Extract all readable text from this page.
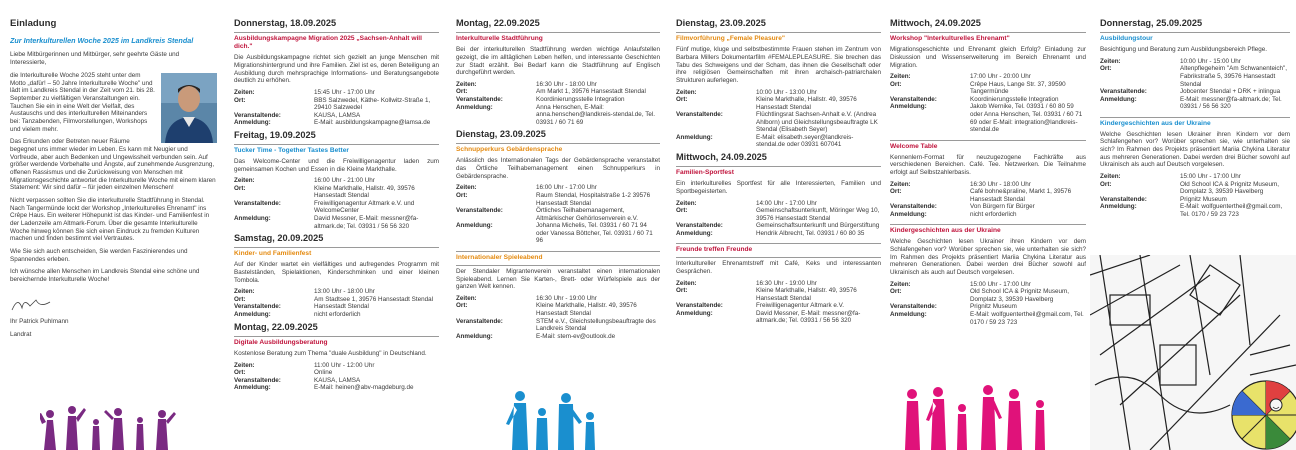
Einladung
Zur Interkulturellen Woche 2025 im Landkreis Stendal
Liebe Mitbürgerinnen und Mitbürger, sehr geehrte Gäste und Interessierte,
die Interkulturelle Woche 2025 steht unter dem Motto „dafür! – 50 Jahre Interkulturelle Woche" und lädt im Landkreis Stendal in der Zeit vom 21. bis 28. September zu vielfältigen Veranstaltungen ein. Tauchen Sie ein in eine Welt der Vielfalt, des Austauschs und des interkulturellen Miteinanders bei: Tanzabenden, Filmvorstellungen, Workshops und vielem mehr.
Das Erkunden oder Betreten neuer Räume begegnet uns immer wieder im Leben. Es kann mit Neugier und Vorfreude, aber auch Bedenken und Ungewissheit verbunden sein. Auf größer werdende Vorbehalte und Ängste, auf zunehmende Ausgrenzung, offenen Rassismus und die Zurückweisung von Menschen mit Migrationsgeschichte antwortet die Interkulturelle Woche mit einem klaren Statement: Wir sind dafür – für jeden einzelnen Menschen!
Nicht verpassen sollten Sie die interkulturelle Stadtführung in Stendal. Nach Tangermünde lockt der Workshop „Interkulturelles Ehrenamt" ins Crêpe Haus. Ein weiterer Höhepunkt ist das Kinder- und Familienfest in der Ladenzeile am Altmark-Forum. Über die gesamte Interkulturelle Woche hinweg können Sie sich einen Eindruck zu fremden Kulturen machen und finden bestimmt viel Vertrautes.
Wie Sie sich auch entscheiden, Sie werden Faszinierendes und Spannendes erleben.
Ich wünsche allen Menschen im Landkreis Stendal eine schöne und bereichernde Interkulturelle Woche!
Ihr Patrick Puhlmann
Landrat
Donnerstag, 18.09.2025
Ausbildungskampagne Migration 2025 „Sachsen-Anhalt will dich."
Die Ausbildungskampagne richtet sich gezielt an junge Menschen mit Migrationshintergrund und ihre Familien. Ziel ist es, deren Beteiligung an Ausbildung durch mehrsprachige Informations- und Beratungsangebote deutlich zu erhöhen.
Zeiten:	15:45 Uhr - 17:00 Uhr
Ort:	BBS Salzwedel, Käthe- Kollwitz-Straße 1, 29410 Salzwedel
Veranstaltende:	KAUSA, LAMSA
Anmeldung:	E-Mail: ausbildungskampagne@lamsa.de
Freitag, 19.09.2025
Tucker Time - Together Tastes Better
Das Welcome-Center und die Freiwilligenagentur laden zum gemeinsamen Kochen und Essen in die Kleine Markthalle.
Zeiten:	16:00 Uhr - 21:00 Uhr
Ort:	Kleine Markthalle, Hallstr. 49, 39576 Hansestadt Stendal
Veranstaltende:	Freiwilligenagentur Altmark e.V. und WelcomeCenter
Anmeldung:	David Messner, E-Mail: messner@fa-altmark.de; Tel. 03931 / 56 56 320
Samstag, 20.09.2025
Kinder- und Familienfest
Auf der Kinder wartet ein vielfältiges und aufregendes Programm mit Bastelständen, Spielaktionen, Kinderschminken und einer kleinen Tombola.
Zeiten:	13:00 Uhr - 18:00 Uhr
Ort:	Am Stadtsee 1, 39576 Hansestadt Stendal
Veranstaltende:	Hansestadt Stendal
Anmeldung:	nicht erforderlich
Montag, 22.09.2025
Digitale Ausbildungsberatung
Kostenlose Beratung zum Thema "duale Ausbildung" in Deutschland.
Zeiten:	11:00 Uhr - 12:00 Uhr
Ort:	Online
Veranstaltende:	KAUSA, LAMSA
Anmeldung:	E-Mail: heinen@abv-magdeburg.de
Montag, 22.09.2025
Interkulturelle Stadtführung
Bei der interkulturellen Stadtführung werden wichtige Anlaufstellen gezeigt, die im alltäglichen Leben helfen, und interessante Geschichten zur Stadt erzählt. Bei Bedarf kann die Stadtführung auf Englisch durchgeführt werden.
Zeiten:	16:30 Uhr - 18:00 Uhr
Ort:	Am Markt 1, 39576 Hansestadt Stendal
Veranstaltende:	Koordinierungsstelle Integration
Anmeldung:	Anna Henschen, E-Mail: anna.henschen@landkreis-stendal.de, Tel. 03931 / 60 71 69
Dienstag, 23.09.2025
Schnupperkurs Gebärdensprache
Anlässlich des Internationalen Tags der Gebärdensprache veranstaltet das Örtliche Teilhabemanagement einen Schnupperkurs in Gebärdensprache.
Zeiten:	16:00 Uhr - 17:00 Uhr
Ort:	Raum Stendal, Hospitalstraße 1-2 39576 Hansestadt Stendal
Veranstaltende:	Örtliches Teilhabemanagement, Altmärkischer Gehörlosenverein e.V.
Anmeldung:	Johanna Michelis, Tel. 03931 / 60 71 94 oder Vanessa Böttcher, Tel. 03931 / 60 71 96
Internationaler Spieleabend
Der Stendaler Migrantenverein veranstaltet einen internationalen Spieleabend. Lernen Sie Karten-, Brett- oder Würfelspiele aus der ganzen Welt kennen.
Zeiten:	16:30 Uhr - 19:00 Uhr
Ort:	Kleine Markthalle, Hallstr. 49, 39576 Hansestadt Stendal
Veranstaltende:	STEM e.V., Gleichstellungsbeauftragte des Landkreis Stendal
Anmeldung:	E-Mail: stem-ev@outlook.de
Dienstag, 23.09.2025
Filmvorführung „Female Pleasure"
Fünf mutige, kluge und selbstbestimmte Frauen stehen im Zentrum von Barbara Millers Dokumentarfilm #FEMALEPLEASURE. Sie brechen das Tabu des Schweigens und der Scham, das ihnen die Gesellschaft oder ihre religiösen Gemeinschaften mit ihren archaisch-patriarchalen Strukturen auferlegen.
Zeiten:	10:00 Uhr - 13:00 Uhr
Ort:	Kleine Markthalle, Hallstr. 49, 39576 Hansestadt Stendal
Veranstaltende:	Flüchtlingsrat Sachsen-Anhalt e.V. (Andrea Ahlborn) und Gleichstellungsbeauftragte LK Stendal (Elisabeth Seyer)
Anmeldung:	E-Mail: elisabeth.seyer@landkreis-stendal.de oder 03931 607041
Mittwoch, 24.09.2025
Familien-Sportfest
Ein interkulturelles Sportfest für alle Interessierten, Familien und Sportbegeisterten.
Zeiten:	14:00 Uhr - 17:00 Uhr
Ort:	Gemeinschaftsunterkunft, Möringer Weg 10, 39576 Hansestadt Stendal
Veranstaltende:	Gemeinschaftsunterkunft und Bürgerstiftung
Anmeldung:	Hendrik Albrecht, Tel. 03931 / 60 80 35
Freunde treffen Freunde
Interkultureller Ehrenamtstreff mit Café, Keks und interessanten Gesprächen.
Zeiten:	16:30 Uhr - 19:00 Uhr
Ort:	Kleine Markthalle, Hallstr. 49, 39576 Hansestadt Stendal
Veranstaltende:	Freiwilligenagentur Altmark e.V.
Anmeldung:	David Messner, E-Mail: messner@fa-altmark.de; Tel. 03931 / 56 56 320
Mittwoch, 24.09.2025
Workshop "Interkulturelles Ehrenamt"
Migrationsgeschichte und Ehrenamt gleich Erfolg? Einladung zur Diskussion und Wissenserweiterung im Bereich Ehrenamt und Migration.
Zeiten:	17:00 Uhr - 20:00 Uhr
Ort:	Crêpe Haus, Lange Str. 37, 39590 Tangermünde
Veranstaltende:	Koordinierungsstelle Integration
Anmeldung:	Jakob Wernike, Tel. 03931 / 60 80 59 oder Anna Henschen, Tel. 03931 / 60 71 69 oder E-Mail: integration@landkreis-stendal.de
Welcome Table
Kennenlern-Format für neuzugezogene Fachkräfte aus verschiedenen Bereichen. Café. Tee. Netzwerken. Die Teilnahme erfolgt auf Selbstzahlerbasis.
Zeiten:	16:30 Uhr - 18:00 Uhr
Ort:	Café bohne&praline, Markt 1, 39576 Hansestadt Stendal
Veranstaltende:	Von Bürgern für Bürger
Anmeldung:	nicht erforderlich
Kindergeschichten aus der Ukraine
Welche Geschichten lesen Ukrainer ihren Kindern vor dem Schlafengehen vor? Worüber sprechen sie, wie unterhalten sie sich? Im Rahmen des Projekts präsentiert Mariia Chykina Literatur aus mehreren Generationen. Dabei werden drei Bücher sowohl auf Ukrainisch als auch auf Deutsch vorgelesen.
Zeiten:	15:00 Uhr - 17:00 Uhr
Ort:	Old School ICA & Prignitz Museum, Domplatz 3, 39539 Havelberg
Veranstaltende:	Prignitz Museum
Anmeldung:	E-Mail: wolfguentertheil@gmail.com, Tel. 0170 / 59 23 723
Donnerstag, 25.09.2025
Ausbildungstour
Besichtigung und Beratung zum Ausbildungsbereich Pflege.
Zeiten:	10:00 Uhr - 15:00 Uhr
Ort:	Altenpflegeheim "Am Schwanenteich", Fabrikstraße 5, 39576 Hansestadt Stendal
Veranstaltende:	Jobcenter Stendal + DRK + inlingua
Anmeldung:	E-Mail: messner@fa-altmark.de; Tel. 03931 / 56 56 320
Kindergeschichten aus der Ukraine
Welche Geschichten lesen Ukrainer ihren Kindern vor dem Schlafengehen vor? Worüber sprechen sie, wie unterhalten sie sich? Im Rahmen des Projekts präsentiert Mariia Chykina Literatur aus mehreren Generationen. Dabei werden drei Bücher sowohl auf Ukrainisch als auch auf Deutsch vorgelesen.
Zeiten:	15:00 Uhr - 17:00 Uhr
Ort:	Old School ICA & Prignitz Museum, Domplatz 3, 39539 Havelberg
Veranstaltende:	Prignitz Museum
Anmeldung:	E-Mail: wolfguentertheil@gmail.com, Tel. 0170 / 59 23 723
